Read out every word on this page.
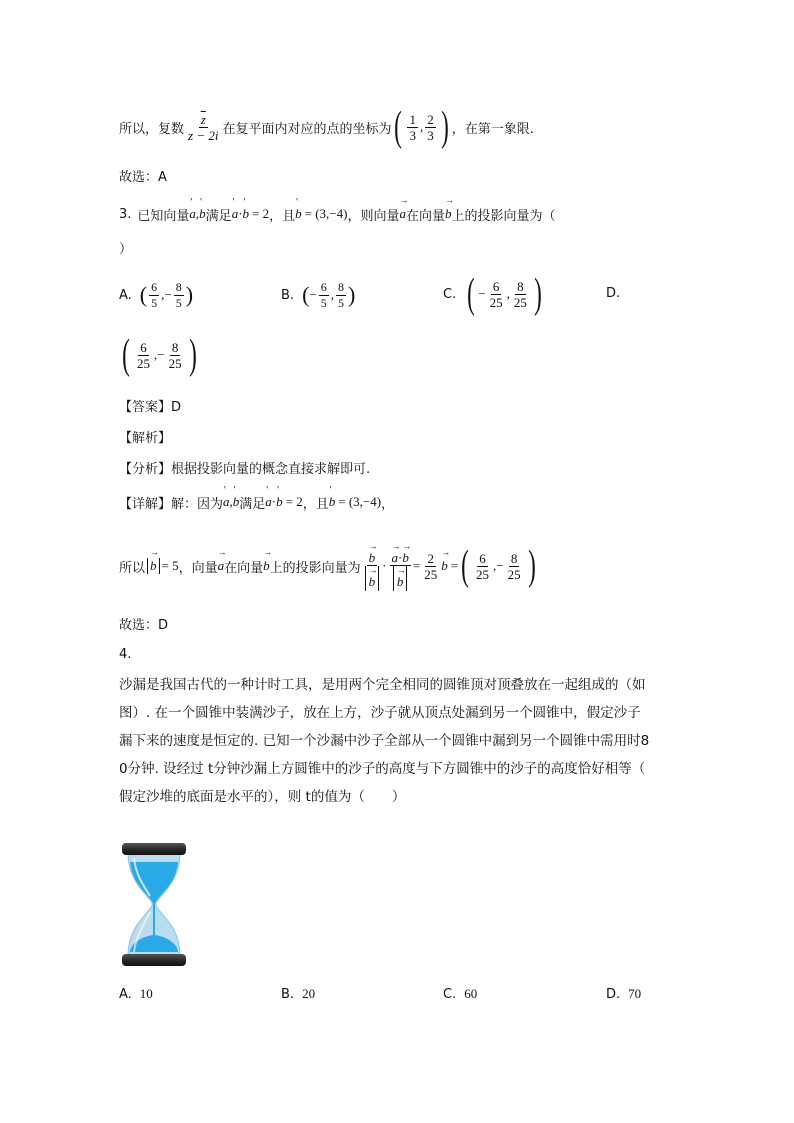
所以，复数 $\frac{\overline{z}}{z - 2i}$ 在复平面内对应的点的坐标为 ( $\frac{1}{3}$ , $\frac{2}{3}$ ) ，在第一象限.
故选：A
3. 已知向量 ' a , ' b 满足 ' a · ' b = 2 ，且 ' b = (3,−4) ，则向量 → a 在向量 → b 上的投影向量为（
）
A. ( $\frac{6}{5}$ , − $\frac{8}{5}$ )	B. ( − $\frac{6}{5}$ , $\frac{8}{5}$ )	C. ( − $\frac{6}{25}$ , $\frac{8}{25}$ )	D.
( $\frac{6}{25}$ , − $\frac{8}{25}$ )
【答案】D
【解析】
【分析】根据投影向量的概念直接求解即可.
【详解】解：因为 ' a , ' b 满足 ' a · ' b = 2 ，且 ' b = (3,−4) ，
所以 → b = 5 ，向量 → a 在向量 → b 上的投影向量为 → b
→ b · → a·→ b
→ $b = \frac{2}{25} \to b$ = ( $\frac{6}{25}$ , − $\frac{8}{25}$ )
故选：D
4.
沙漏是我国古代的一种计时工具，是用两个完全相同的圆锥顶对顶叠放在一起组成的（如
图）. 在一个圆锥中装满沙子，放在上方，沙子就从顶点处漏到另一个圆锥中，假定沙子
漏下来的速度是恒定的. 已知一个沙漏中沙子全部从一个圆锥中漏到另一个圆锥中需用时8
0分钟. 设经过 t分钟沙漏上方圆锥中的沙子的高度与下方圆锥中的沙子的高度恰好相等（
假定沙堆的底面是水平的），则 t的值为（　　）
A. 10	B. 20	C. 60	D. 70
